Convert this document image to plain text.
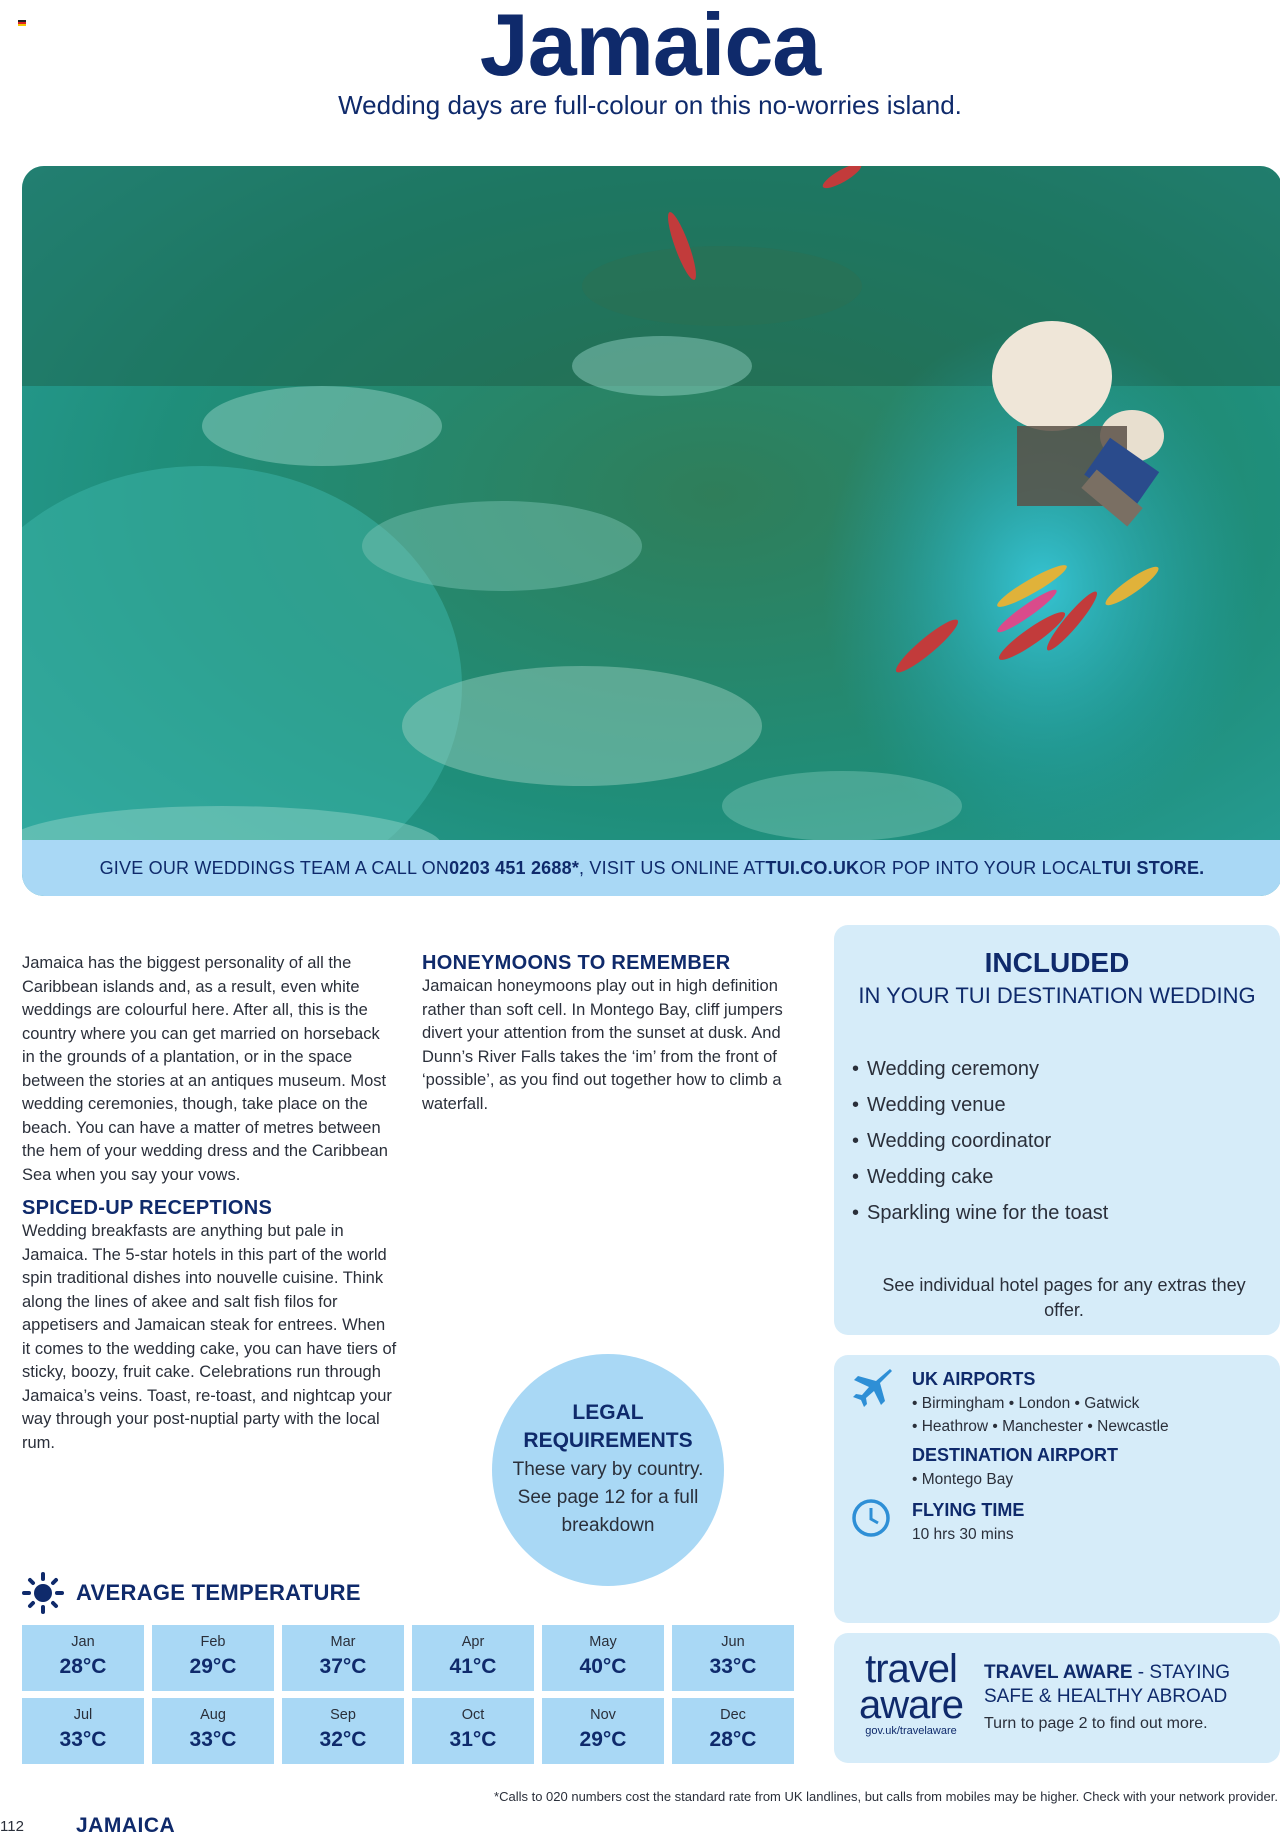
Jamaica
Wedding days are full-colour on this no-worries island.
GIVE OUR WEDDINGS TEAM A CALL ON 0203 451 2688* , VISIT US ONLINE AT TUI.CO.UK OR POP INTO YOUR LOCAL TUI STORE.

Jamaica has the biggest personality of all the Caribbean islands and, as a result, even white weddings are colourful here. After all, this is the country where you can get married on horseback in the grounds of a plantation, or in the space between the stories at an antiques museum. Most wedding ceremonies, though, take place on the beach. You can have a matter of metres between the hem of your wedding dress and the Caribbean Sea when you say your vows.

SPICED-UP RECEPTIONS

Wedding breakfasts are anything but pale in Jamaica. The 5-star hotels in this part of the world spin traditional dishes into nouvelle cuisine. Think along the lines of akee and salt fish filos for appetisers and Jamaican steak for entrees. When it comes to the wedding cake, you can have tiers of sticky, boozy, fruit cake. Celebrations run through Jamaica’s veins. Toast, re-toast, and nightcap your way through your post-nuptial party with the local rum.

HONEYMOONS TO REMEMBER

Jamaican honeymoons play out in high definition rather than soft cell. In Montego Bay, cliff jumpers divert your attention from the sunset at dusk. And Dunn’s River Falls takes the ‘im’ from the front of ‘possible’, as you find out together how to climb a waterfall.

INCLUDED
IN YOUR TUI DESTINATION WEDDING
• Wedding ceremony
• Wedding venue
• Wedding coordinator
• Wedding cake
• Sparkling wine for the toast
See individual hotel pages for any extras they offer.
UK AIRPORTS
• Birmingham • London • Gatwick
• Heathrow • Manchester • Newcastle
DESTINATION AIRPORT
• Montego Bay
FLYING TIME
10 hrs 30 mins
LEGAL REQUIREMENTS
These vary by country. See page 12 for a full breakdown
AVERAGE TEMPERATURE
Jan
28°C
Feb
29°C
Mar
37°C
Apr
41°C
May
40°C
Jun
33°C
Jul
33°C
Aug
33°C
Sep
32°C
Oct
31°C
Nov
29°C
Dec
28°C
travel
aware
gov.uk/travelaware
TRAVEL AWARE - STAYING SAFE & HEALTHY ABROAD
Turn to page 2 to find out more.
*Calls to 020 numbers cost the standard rate from UK landlines, but calls from mobiles may be higher. Check with your network provider.
112 JAMAICA
